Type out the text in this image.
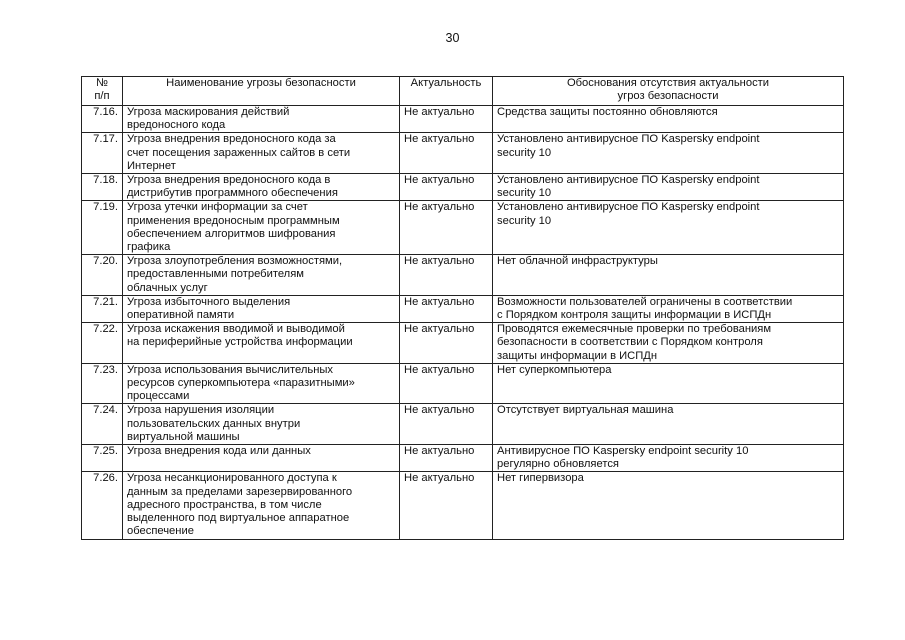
30
№
п/п	Наименование угрозы безопасности	Актуальность	Обоснования отсутствия актуальности
угроз безопасности

7.16.	Угроза маскирования действий
вредоносного кода	Не актуально	Средства защиты постоянно обновляются

7.17.	Угроза внедрения вредоносного кода за
счет посещения зараженных сайтов в сети
Интернет	Не актуально	Установлено антивирусное ПО Kaspersky endpoint
security 10

7.18.	Угроза внедрения вредоносного кода в
дистрибутив программного обеспечения	Не актуально	Установлено антивирусное ПО Kaspersky endpoint
security 10

7.19.	Угроза утечки информации за счет
применения вредоносным программным
обеспечением алгоритмов шифрования
графика	Не актуально	Установлено антивирусное ПО Kaspersky endpoint
security 10

7.20.	Угроза злоупотребления возможностями,
предоставленными потребителям
облачных услуг	Не актуально	Нет облачной инфраструктуры

7.21.	Угроза избыточного выделения
оперативной памяти	Не актуально	Возможности пользователей ограничены в соответствии
с Порядком контроля защиты информации в ИСПДн

7.22.	Угроза искажения вводимой и выводимой
на периферийные устройства информации	Не актуально	Проводятся ежемесячные проверки по требованиям
безопасности в соответствии с Порядком контроля
защиты информации в ИСПДн

7.23.	Угроза использования вычислительных
ресурсов суперкомпьютера «паразитными»
процессами	Не актуально	Нет суперкомпьютера

7.24.	Угроза нарушения изоляции
пользовательских данных внутри
виртуальной машины	Не актуально	Отсутствует виртуальная машина

7.25.	Угроза внедрения кода или данных	Не актуально	Антивирусное ПО Kaspersky endpoint security 10
регулярно обновляется

7.26.	Угроза несанкционированного доступа к
данным за пределами зарезервированного
адресного пространства, в том числе
выделенного под виртуальное аппаратное
обеспечение	Не актуально	Нет гипервизора
